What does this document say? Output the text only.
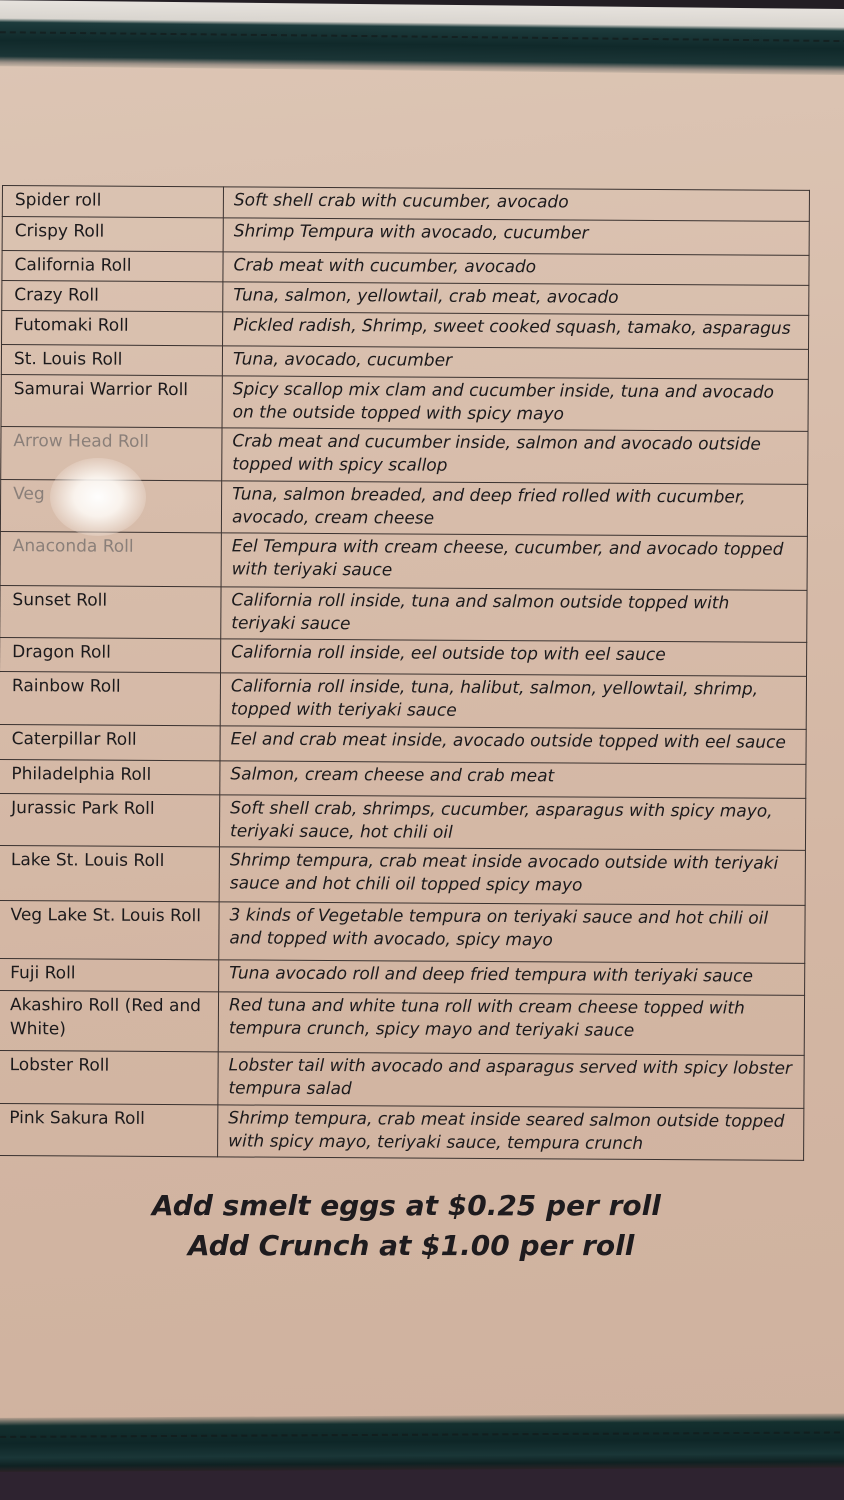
Spider roll	Soft shell crab with cucumber, avocado
Crispy Roll	Shrimp Tempura with avocado, cucumber
California Roll	Crab meat with cucumber, avocado
Crazy Roll	Tuna, salmon, yellowtail, crab meat, avocado
Futomaki Roll	Pickled radish, Shrimp, sweet cooked squash, tamako, asparagus
St. Louis Roll	Tuna, avocado, cucumber
Samurai Warrior Roll	Spicy scallop mix clam and cucumber inside, tuna and avocado on the outside topped with spicy mayo
Arrow Head Roll	Crab meat and cucumber inside, salmon and avocado outside topped with spicy scallop
Veg	Tuna, salmon breaded, and deep fried rolled with cucumber, avocado, cream cheese
Anaconda Roll	Eel Tempura with cream cheese, cucumber, and avocado topped with teriyaki sauce
Sunset Roll	California roll inside, tuna and salmon outside topped with teriyaki sauce
Dragon Roll	California roll inside, eel outside top with eel sauce
Rainbow Roll	California roll inside, tuna, halibut, salmon, yellowtail, shrimp, topped with teriyaki sauce
Caterpillar Roll	Eel and crab meat inside, avocado outside topped with eel sauce
Philadelphia Roll	Salmon, cream cheese and crab meat
Jurassic Park Roll	Soft shell crab, shrimps, cucumber, asparagus with spicy mayo, teriyaki sauce, hot chili oil
Lake St. Louis Roll	Shrimp tempura, crab meat inside avocado outside with teriyaki sauce and hot chili oil topped spicy mayo
Veg Lake St. Louis Roll	3 kinds of Vegetable tempura on teriyaki sauce and hot chili oil and topped with avocado, spicy mayo
Fuji Roll	Tuna avocado roll and deep fried tempura with teriyaki sauce
Akashiro Roll (Red and White)	Red tuna and white tuna roll with cream cheese topped with tempura crunch, spicy mayo and teriyaki sauce
Lobster Roll	Lobster tail with avocado and asparagus served with spicy lobster tempura salad
Pink Sakura Roll	Shrimp tempura, crab meat inside seared salmon outside topped with spicy mayo, teriyaki sauce, tempura crunch
Add smelt eggs at $0.25 per roll
Add Crunch at $1.00 per roll
